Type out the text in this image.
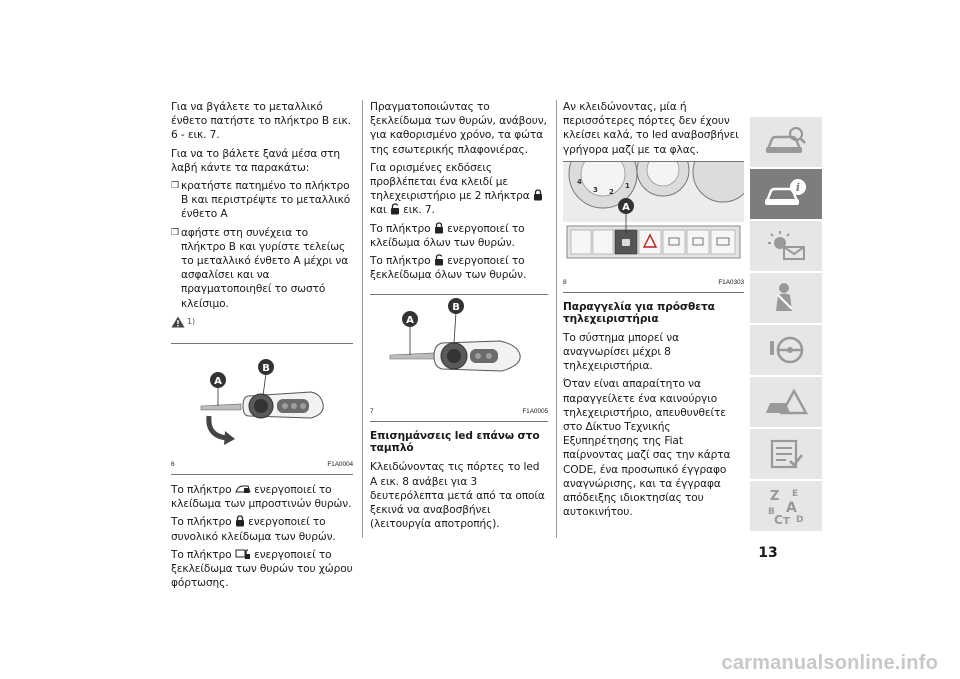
Για να βγάλετε το μεταλλικό ένθετο πατήστε το πλήκτρο B εικ. 6 - εικ. 7.

Για να το βάλετε ξανά μέσα στη λαβή κάντε τα παρακάτω:

❒ κρατήστε πατημένο το πλήκτρο B και περιστρέψτε το μεταλλικό ένθετο A
❒ αφήστε στη συνέχεια το πλήκτρο B και γυρίστε τελείως το μεταλλικό ένθετο A μέχρι να ασφαλίσει και να πραγματοποιηθεί το σωστό κλείσιμο.
1)
A
B
6	F1A0004

Το πλήκτρο ενεργοποιεί το κλείδωμα των μπροστινών θυρών.

Το πλήκτρο ενεργοποιεί το συνολικό κλείδωμα των θυρών.

Το πλήκτρο ενεργοποιεί το ξεκλείδωμα των θυρών του χώρου φόρτωσης.

Πραγματοποιώντας το ξεκλείδωμα των θυρών, ανάβουν, για καθορισμένο χρόνο, τα φώτα της εσωτερικής πλαφονιέρας.

Για ορισμένες εκδόσεις προβλέπεται ένα κλειδί με τηλεχειριστήριο με 2 πλήκτρα  και εικ. 7.

Το πλήκτρο ενεργοποιεί το κλείδωμα όλων των θυρών.

Το πλήκτρο ενεργοποιεί το ξεκλείδωμα όλων των θυρών.

A
B
7	F1A0005
Επισημάνσεις led επάνω στο ταμπλό

Κλειδώνοντας τις πόρτες το led A εικ. 8 ανάβει για 3 δευτερόλεπτα μετά από τα οποία ξεκινά να αναβοσβήνει (λειτουργία αποτροπής).

Αν κλειδώνοντας, μία ή περισσότερες πόρτες δεν έχουν κλείσει καλά, το led αναβοσβήνει γρήγορα μαζί με τα φλας.

4
3 2
1
A
8	F1A0303
Παραγγελία για πρόσθετα τηλεχειριστήρια

Το σύστημα μπορεί να αναγνωρίσει μέχρι 8 τηλεχειριστήρια.

Όταν είναι απαραίτητο να παραγγείλετε ένα καινούργιο τηλεχειριστήριο, απευθυνθείτε στο Δίκτυο Τεχνικής Εξυπηρέτησης της Fiat παίρνοντας μαζί σας την κάρτα CODE, ένα προσωπικό έγγραφο αναγνώρισης, και τα έγγραφα απόδειξης ιδιοκτησίας του αυτοκινήτου.

i
Z E
B A
C T D
13
carmanualsonline.info
